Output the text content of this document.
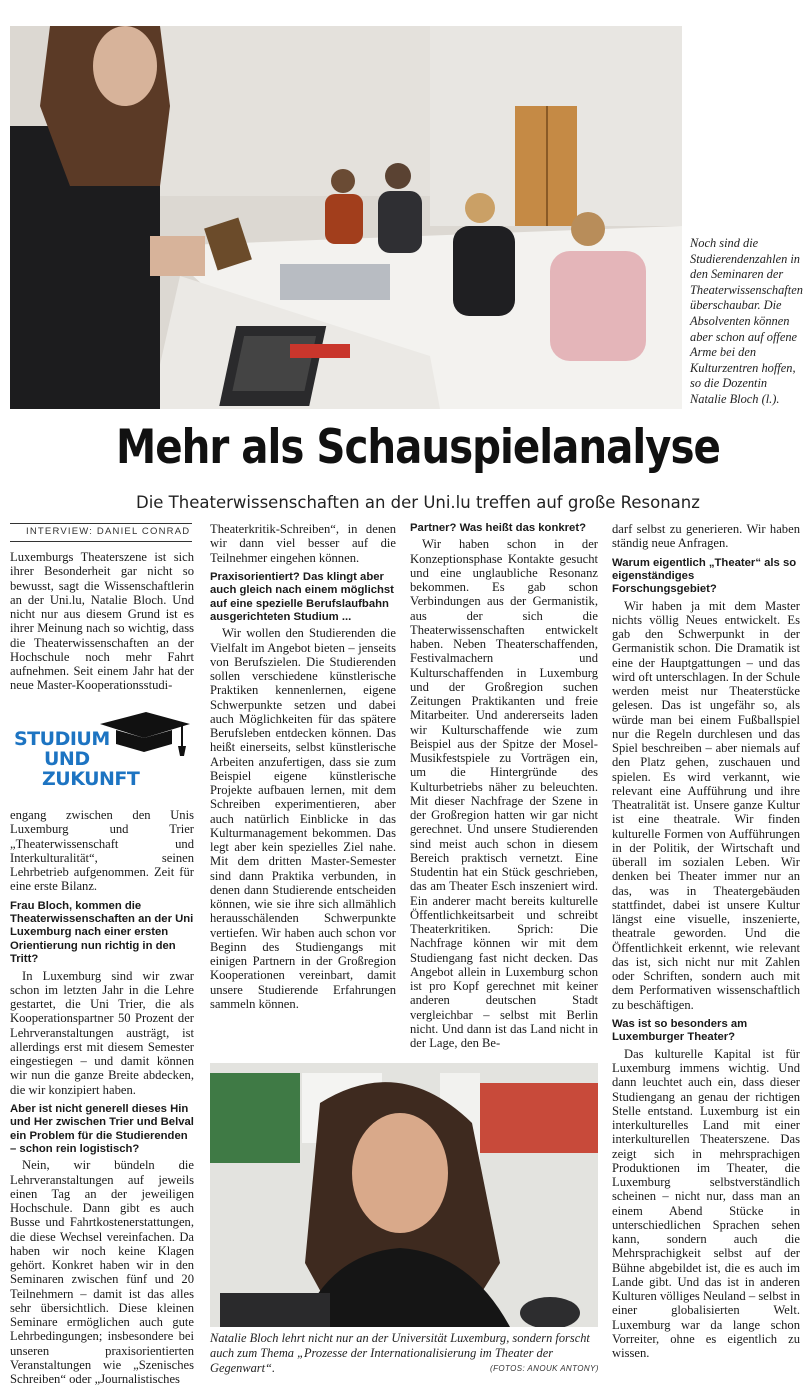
Noch sind die Studierendenzahlen in den Seminaren der Theaterwissenschaften überschaubar. Die Absolventen können aber schon auf offene Arme bei den Kulturzentren hoffen, so die Dozentin Natalie Bloch (l.).
Mehr als Schauspielanalyse
Die Theaterwissenschaften an der Uni.lu treffen auf große Resonanz
INTERVIEW: DANIEL CONRAD

Luxemburgs Theaterszene ist sich ihrer Besonderheit gar nicht so bewusst, sagt die Wissenschaftlerin an der Uni.lu, Natalie Bloch. Und nicht nur aus diesem Grund ist es ihrer Meinung nach so wichtig, dass die Theaterwissenschaften an der Hochschule noch mehr Fahrt aufnehmen. Seit einem Jahr hat der neue Master-Kooperationsstudi-

STUDIUM
UND
ZUKUNFT

engang zwischen den Unis Luxemburg und Trier „Theaterwissenschaft und Interkulturalität“, seinen Lehrbetrieb aufgenommen. Zeit für eine erste Bilanz.

Frau Bloch, kommen die Theaterwissenschaften an der Uni Luxemburg nach einer ersten Orientierung nun richtig in den Tritt?

In Luxemburg sind wir zwar schon im letzten Jahr in die Lehre gestartet, die Uni Trier, die als Kooperationspartner 50 Prozent der Lehrveranstaltungen austrägt, ist allerdings erst mit diesem Semester eingestiegen – und damit können wir nun die ganze Breite abdecken, die wir konzipiert haben.

Aber ist nicht generell dieses Hin und Her zwischen Trier und Belval ein Problem für die Studierenden – schon rein logistisch?

Nein, wir bündeln die Lehrveranstaltungen auf jeweils einen Tag an der jeweiligen Hochschule. Dann gibt es auch Busse und Fahrtkostenerstattungen, die diese Wechsel vereinfachen. Da haben wir noch keine Klagen gehört. Konkret haben wir in den Seminaren zwischen fünf und 20 Teilnehmern – damit ist das alles sehr übersichtlich. Diese kleinen Seminare ermöglichen auch gute Lehrbedingungen; insbesondere bei unseren praxisorientierten Veranstaltungen wie „Szenisches Schreiben“ oder „Journalistisches

Theaterkritik-Schreiben“, in denen wir dann viel besser auf die Teilnehmer eingehen können.

Praxisorientiert? Das klingt aber auch gleich nach einem möglichst auf eine spezielle Berufslaufbahn ausgerichteten Studium ...

Wir wollen den Studierenden die Vielfalt im Angebot bieten – jenseits von Berufszielen. Die Studierenden sollen verschiedene künstlerische Praktiken kennenlernen, eigene Schwerpunkte setzen und dabei auch Möglichkeiten für das spätere Berufsleben entdecken können. Das heißt einerseits, selbst künstlerische Arbeiten anzufertigen, dass sie zum Beispiel eigene künstlerische Projekte aufbauen lernen, mit dem Schreiben experimentieren, aber auch natürlich Einblicke in das Kulturmanagement bekommen. Das legt aber kein spezielles Ziel nahe. Mit dem dritten Master-Semester sind dann Praktika verbunden, in denen dann Studierende entscheiden können, wie sie ihre sich allmählich herausschälenden Schwerpunkte vertiefen. Wir haben auch schon vor Beginn des Studiengangs mit einigen Partnern in der Großregion Kooperationen vereinbart, damit unsere Studierende Erfahrungen sammeln können.

Partner? Was heißt das konkret?

Wir haben schon in der Konzeptionsphase Kontakte gesucht und eine unglaubliche Resonanz bekommen. Es gab schon Verbindungen aus der Germanistik, aus der sich die Theaterwissenschaften entwickelt haben. Neben Theaterschaffenden, Festivalmachern und Kulturschaffenden in Luxemburg und der Großregion suchen Zeitungen Praktikanten und freie Mitarbeiter. Und andererseits laden wir Kulturschaffende wie zum Beispiel aus der Spitze der Mosel-Musikfestspiele zu Vorträgen ein, um die Hintergründe des Kulturbetriebs näher zu beleuchten. Mit dieser Nachfrage der Szene in der Großregion hatten wir gar nicht gerechnet. Und unsere Studierenden sind meist auch schon in diesem Bereich praktisch vernetzt. Eine Studentin hat ein Stück geschrieben, das am Theater Esch inszeniert wird. Ein anderer macht bereits kulturelle Öffentlichkeitsarbeit und schreibt Theaterkritiken. Sprich: Die Nachfrage können wir mit dem Studiengang fast nicht decken. Das Angebot allein in Luxemburg schon ist pro Kopf gerechnet mit keiner anderen deutschen Stadt vergleichbar – selbst mit Berlin nicht. Und dann ist das Land nicht in der Lage, den Be-

darf selbst zu generieren. Wir haben ständig neue Anfragen.

Warum eigentlich „Theater“ als so eigenständiges Forschungsgebiet?

Wir haben ja mit dem Master nichts völlig Neues entwickelt. Es gab den Schwerpunkt in der Germanistik schon. Die Dramatik ist eine der Hauptgattungen – und das wird oft unterschlagen. In der Schule werden meist nur Theaterstücke gelesen. Das ist ungefähr so, als würde man bei einem Fußballspiel nur die Regeln durchlesen und das Spiel beschreiben – aber niemals auf den Platz gehen, zuschauen und spielen. Es wird verkannt, wie relevant eine Aufführung und ihre Theatralität ist. Unsere ganze Kultur ist eine theatrale. Wir finden kulturelle Formen von Aufführungen in der Politik, der Wirtschaft und überall im sozialen Leben. Wir denken bei Theater immer nur an das, was in Theatergebäuden stattfindet, dabei ist unsere Kultur längst eine visuelle, inszenierte, theatrale geworden. Und die Öffentlichkeit erkennt, wie relevant das ist, sich nicht nur mit Zahlen oder Schriften, sondern auch mit dem Performativen wissenschaftlich zu beschäftigen.

Was ist so besonders am Luxemburger Theater?

Das kulturelle Kapital ist für Luxemburg immens wichtig. Und dann leuchtet auch ein, dass dieser Studiengang an genau der richtigen Stelle entstand. Luxemburg ist ein interkulturelles Land mit einer interkulturellen Theaterszene. Das zeigt sich in mehrsprachigen Produktionen im Theater, die Luxemburg selbstverständlich scheinen – nicht nur, dass man an einem Abend Stücke in unterschiedlichen Sprachen sehen kann, sondern auch die Mehrsprachigkeit selbst auf der Bühne abgebildet ist, die es auch im Lande gibt. Und das ist in anderen Kulturen völliges Neuland – selbst in einer globalisierten Welt. Luxemburg war da lange schon Vorreiter, ohne es eigentlich zu wissen.

Natalie Bloch lehrt nicht nur an der Universität Luxemburg, sondern forscht auch zum Thema „Prozesse der Internationalisierung im Theater der Gegenwart“.	(FOTOS: ANOUK ANTONY)
